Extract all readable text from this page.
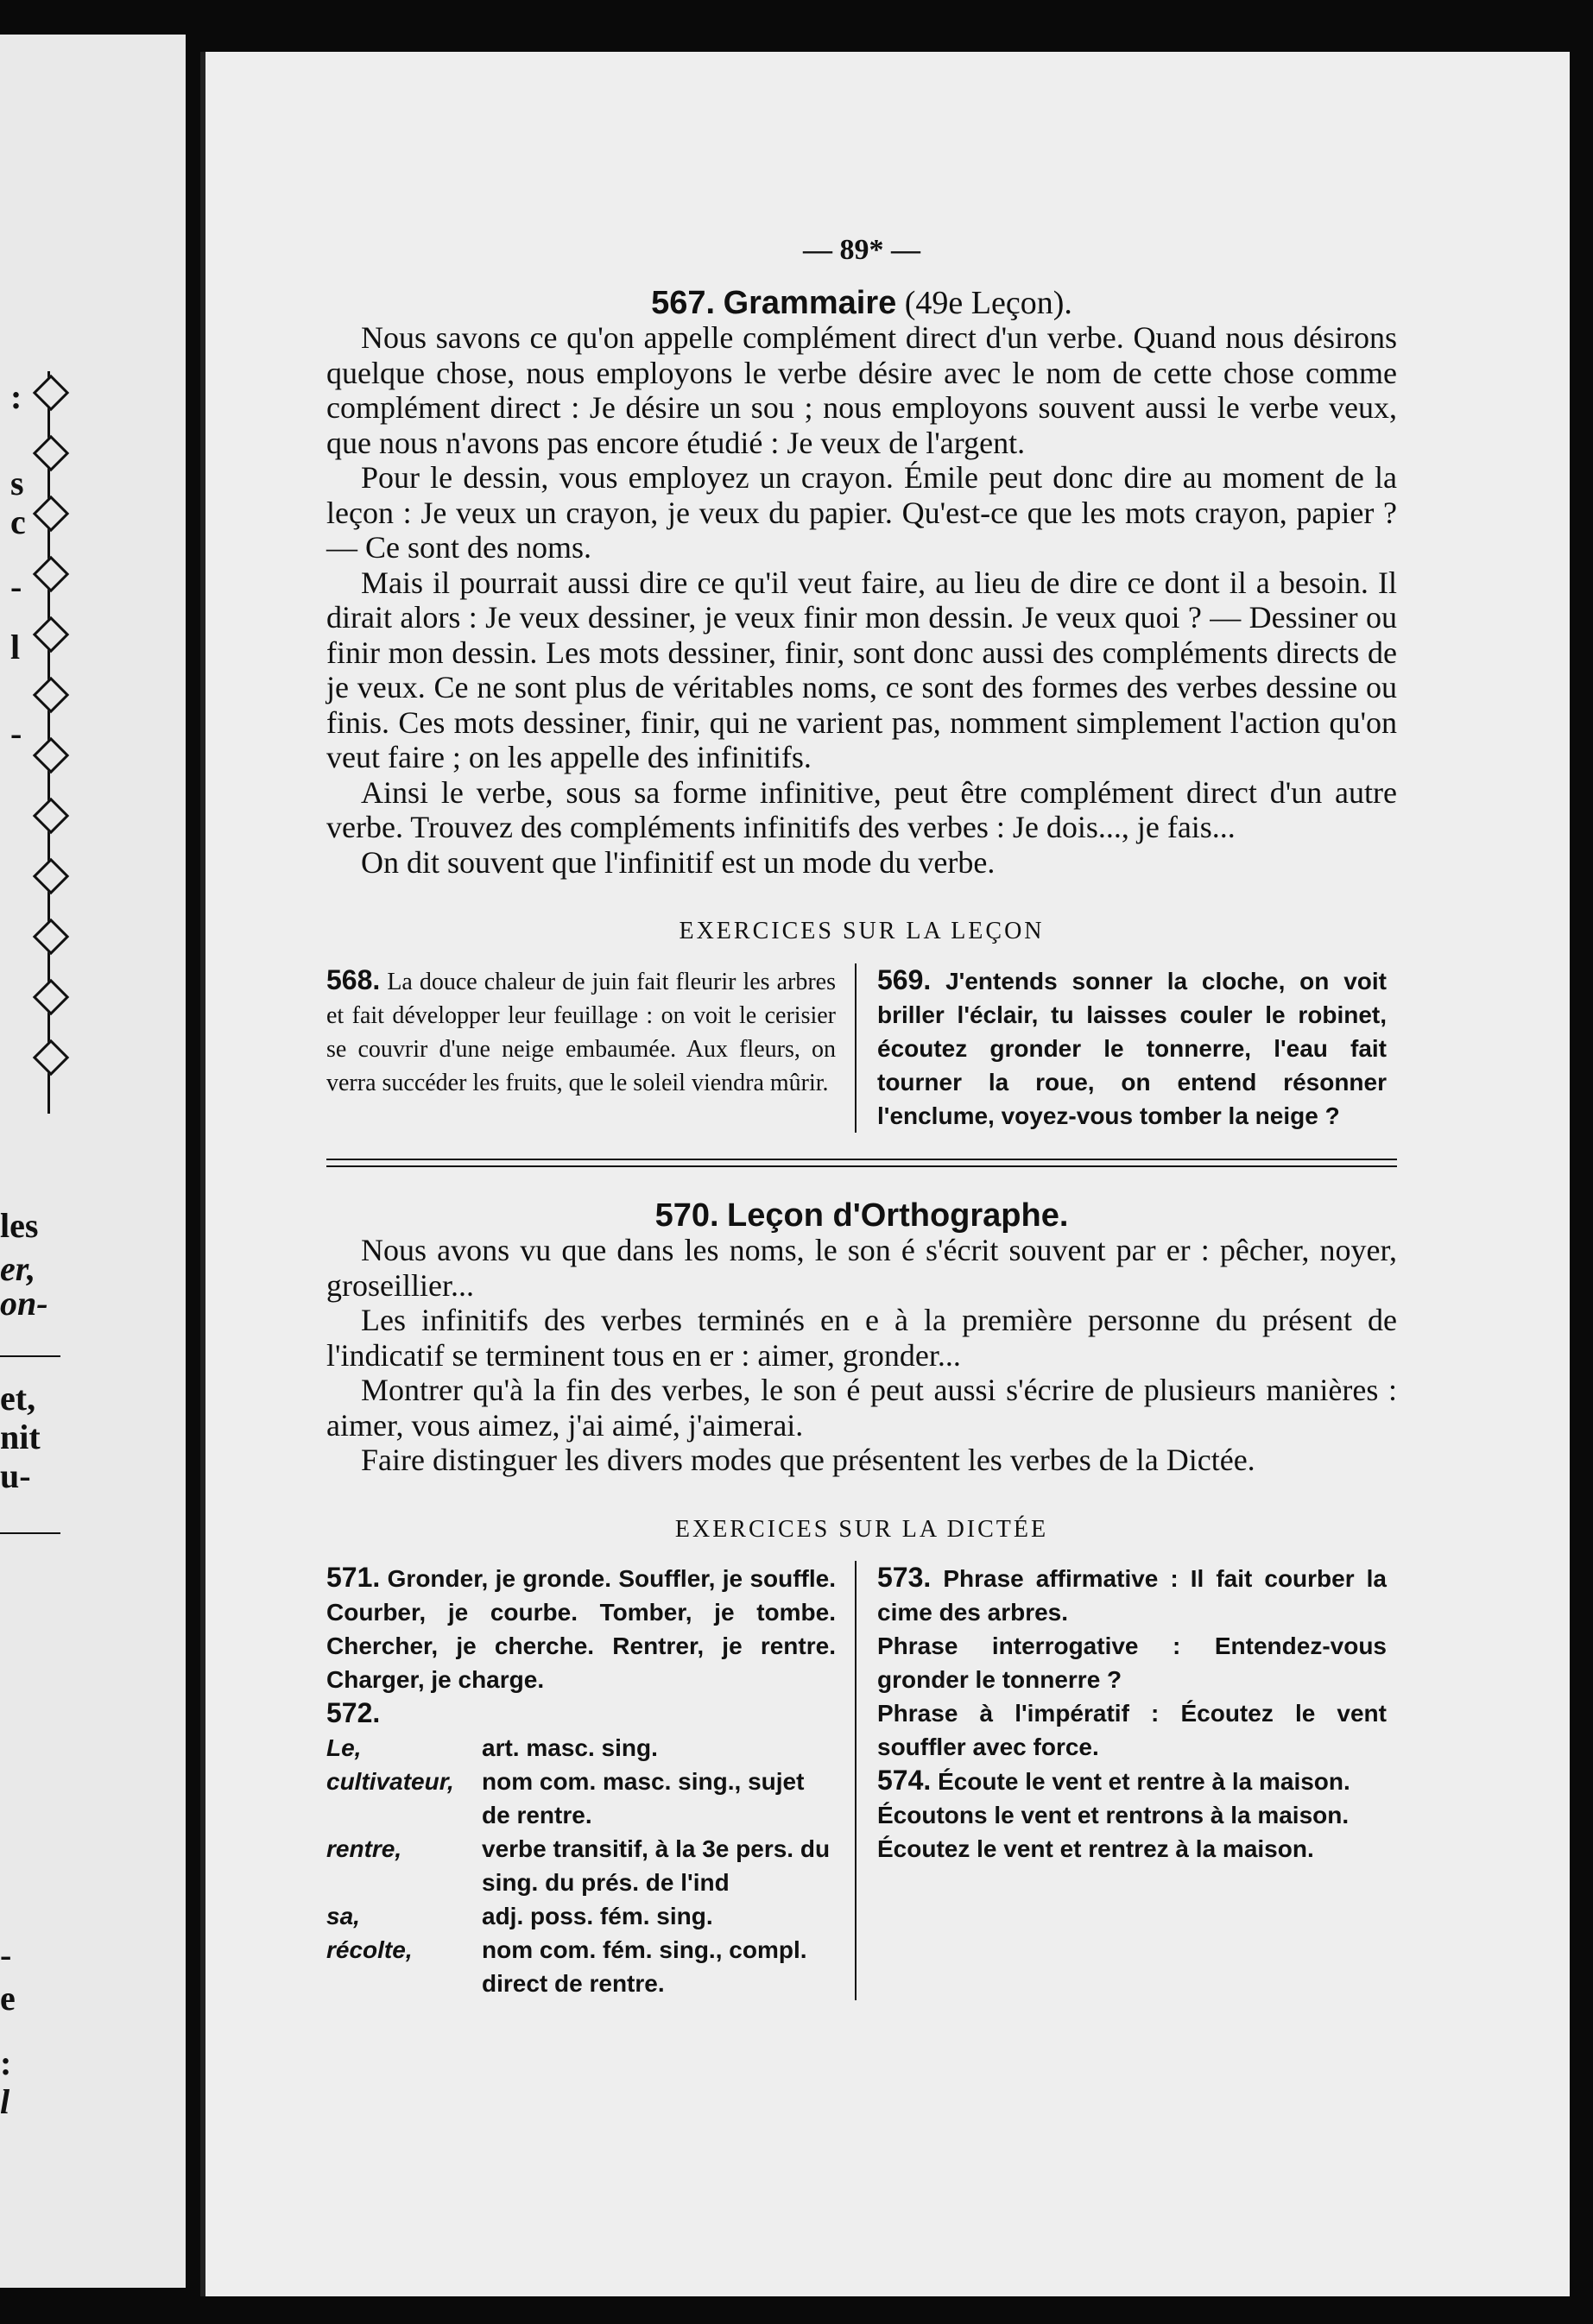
:
s
c
-
l
-
les
er,
on-
et,
nit
u-
-
e
:
l
— 89* —
567. Grammaire (49e Leçon).

Nous savons ce qu'on appelle complément direct d'un verbe. Quand nous désirons quelque chose, nous employons le verbe désire avec le nom de cette chose comme complément direct : Je désire un sou ; nous employons souvent aussi le verbe veux, que nous n'avons pas encore étudié : Je veux de l'argent.

Pour le dessin, vous employez un crayon. Émile peut donc dire au moment de la leçon : Je veux un crayon, je veux du papier. Qu'est-ce que les mots crayon, papier ? — Ce sont des noms.

Mais il pourrait aussi dire ce qu'il veut faire, au lieu de dire ce dont il a besoin. Il dirait alors : Je veux dessiner, je veux finir mon dessin. Je veux quoi ? — Dessiner ou finir mon dessin. Les mots dessiner, finir, sont donc aussi des compléments directs de je veux. Ce ne sont plus de véritables noms, ce sont des formes des verbes dessine ou finis. Ces mots dessiner, finir, qui ne varient pas, nomment simplement l'action qu'on veut faire ; on les appelle des infinitifs.

Ainsi le verbe, sous sa forme infinitive, peut être complément direct d'un autre verbe. Trouvez des compléments infinitifs des verbes : Je dois..., je fais...

On dit souvent que l'infinitif est un mode du verbe.

EXERCICES SUR LA LEÇON
568. La douce chaleur de juin fait fleurir les arbres et fait développer leur feuillage : on voit le cerisier se couvrir d'une neige embaumée. Aux fleurs, on verra succéder les fruits, que le soleil viendra mûrir.
569. J'entends sonner la cloche, on voit briller l'éclair, tu laisses couler le robinet, écoutez gronder le tonnerre, l'eau fait tourner la roue, on entend résonner l'enclume, voyez-vous tomber la neige ?
570. Leçon d'Orthographe.

Nous avons vu que dans les noms, le son é s'écrit souvent par er : pêcher, noyer, groseillier...

Les infinitifs des verbes terminés en e à la première personne du présent de l'indicatif se terminent tous en er : aimer, gronder...

Montrer qu'à la fin des verbes, le son é peut aussi s'écrire de plusieurs manières : aimer, vous aimez, j'ai aimé, j'aimerai.

Faire distinguer les divers modes que présentent les verbes de la Dictée.

EXERCICES SUR LA DICTÉE
571. Gronder, je gronde. Souffler, je souffle. Courber, je courbe. Tomber, je tombe. Chercher, je cherche. Rentrer, je rentre. Charger, je charge.
572.
Le,	art. masc. sing.
cultivateur,	nom com. masc. sing., sujet de rentre.
rentre,	verbe transitif, à la 3e pers. du sing. du prés. de l'ind
sa,	adj. poss. fém. sing.
récolte,	nom com. fém. sing., compl. direct de rentre.
573. Phrase affirmative : Il fait courber la cime des arbres.
Phrase interrogative : Entendez-vous gronder le tonnerre ?
Phrase à l'impératif : Écoutez le vent souffler avec force.
574. Écoute le vent et rentre à la maison.
Écoutons le vent et rentrons à la maison.
Écoutez le vent et rentrez à la maison.
